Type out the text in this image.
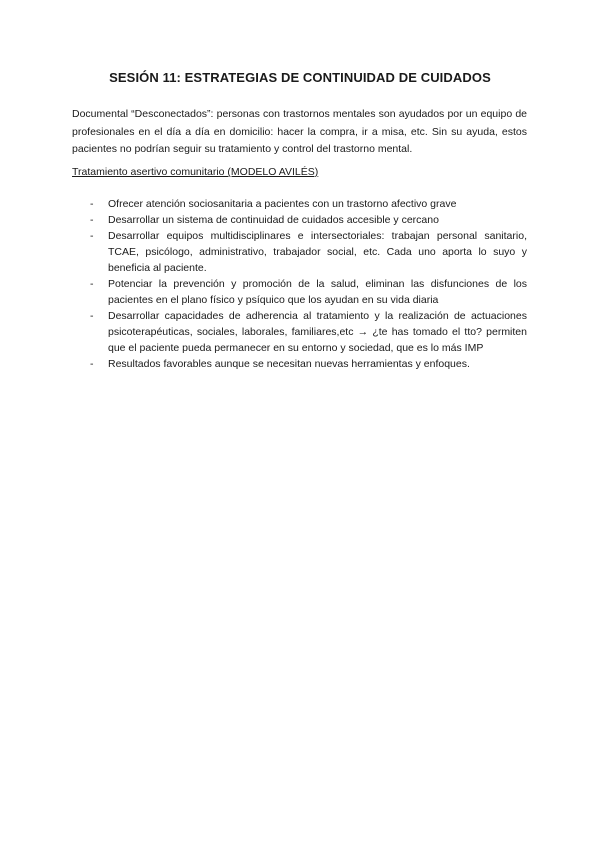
SESIÓN 11: ESTRATEGIAS DE CONTINUIDAD DE CUIDADOS

Documental “Desconectados”: personas con trastornos mentales son ayudados por un equipo de profesionales en el día a día en domicilio: hacer la compra, ir a misa, etc. Sin su ayuda, estos pacientes no podrían seguir su tratamiento y control del trastorno mental.

Tratamiento asertivo comunitario (MODELO AVILÉS)

- Ofrecer atención sociosanitaria a pacientes con un trastorno afectivo grave
- Desarrollar un sistema de continuidad de cuidados accesible y cercano
- Desarrollar equipos multidisciplinares e intersectoriales: trabajan personal sanitario, TCAE, psicólogo, administrativo, trabajador social, etc. Cada uno aporta lo suyo y beneficia al paciente.
- Potenciar la prevención y promoción de la salud, eliminan las disfunciones de los pacientes en el plano físico y psíquico que los ayudan en su vida diaria
- Desarrollar capacidades de adherencia al tratamiento y la realización de actuaciones psicoterapéuticas, sociales, laborales, familiares,etc → ¿te has tomado el tto? permiten que el paciente pueda permanecer en su entorno y sociedad, que es lo más IMP
- Resultados favorables aunque se necesitan nuevas herramientas y enfoques.
